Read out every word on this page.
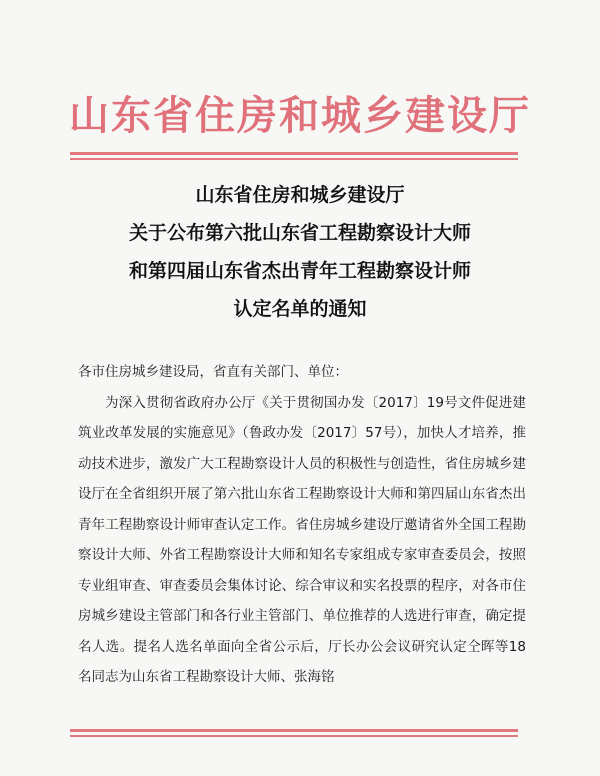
山东省住房和城乡建设厅
山东省住房和城乡建设厅
关于公布第六批山东省工程勘察设计大师
和第四届山东省杰出青年工程勘察设计师
认定名单的通知

各市住房城乡建设局，省直有关部门、单位：

为深入贯彻省政府办公厅《关于贯彻国办发〔2017〕19号文件促进建筑业改革发展的实施意见》（鲁政办发〔2017〕57号），加快人才培养，推动技术进步，激发广大工程勘察设计人员的积极性与创造性，省住房城乡建设厅在全省组织开展了第六批山东省工程勘察设计大师和第四届山东省杰出青年工程勘察设计师审查认定工作。省住房城乡建设厅邀请省外全国工程勘察设计大师、外省工程勘察设计大师和知名专家组成专家审查委员会，按照专业组审查、审查委员会集体讨论、综合审议和实名投票的程序，对各市住房城乡建设主管部门和各行业主管部门、单位推荐的人选进行审查，确定提名人选。提名人选名单面向全省公示后，厅长办公会议研究认定仝晖等18名同志为山东省工程勘察设计大师、张海铭
